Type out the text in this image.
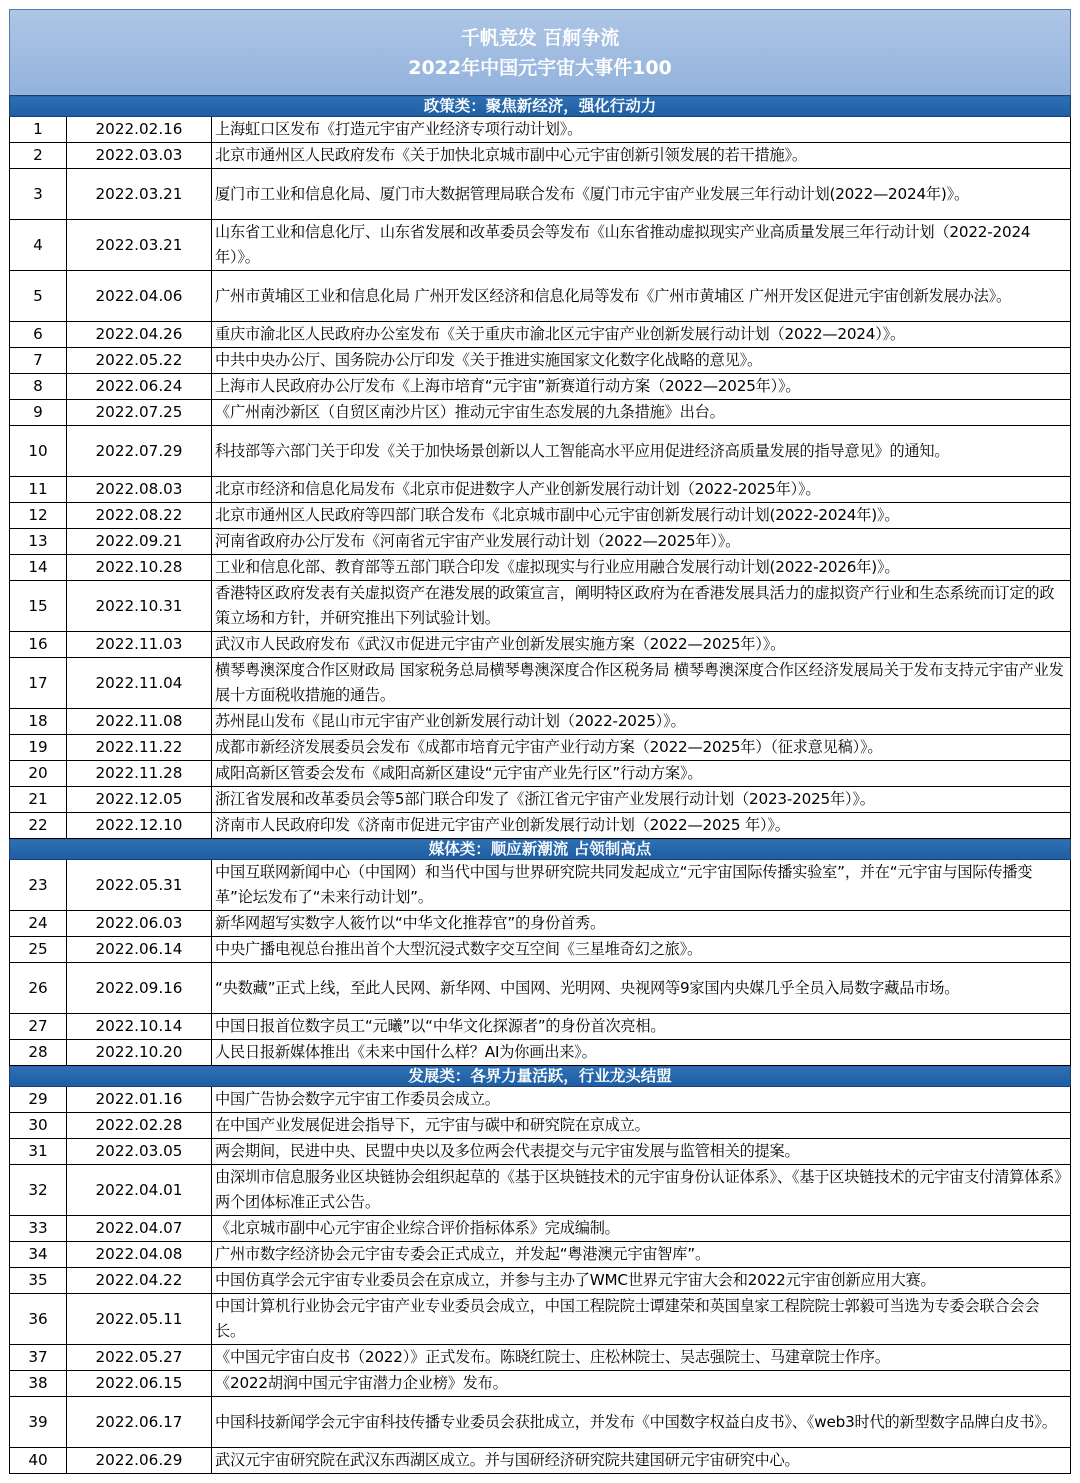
千帆竞发 百舸争流
2022年中国元宇宙大事件100
政策类：聚焦新经济，强化行动力		
1	2022.02.16	上海虹口区发布《打造元宇宙产业经济专项行动计划》。
2	2022.03.03	北京市通州区人民政府发布《关于加快北京城市副中心元宇宙创新引领发展的若干措施》。
3	2022.03.21	厦门市工业和信息化局、厦门市大数据管理局联合发布《厦门市元宇宙产业发展三年行动计划(2022—2024年)》。
4	2022.03.21	山东省工业和信息化厅、山东省发展和改革委员会等发布《山东省推动虚拟现实产业高质量发展三年行动计划（2022-2024年）》。
5	2022.04.06	广州市黄埔区工业和信息化局 广州开发区经济和信息化局等发布《广州市黄埔区 广州开发区促进元宇宙创新发展办法》。
6	2022.04.26	重庆市渝北区人民政府办公室发布《关于重庆市渝北区元宇宙产业创新发展行动计划（2022—2024）》。
7	2022.05.22	中共中央办公厅、国务院办公厅印发《关于推进实施国家文化数字化战略的意见》。
8	2022.06.24	上海市人民政府办公厅发布《上海市培育“元宇宙”新赛道行动方案（2022—2025年）》。
9	2022.07.25	《广州南沙新区（自贸区南沙片区）推动元宇宙生态发展的九条措施》出台。
10	2022.07.29	科技部等六部门关于印发《关于加快场景创新以人工智能高水平应用促进经济高质量发展的指导意见》的通知。
11	2022.08.03	北京市经济和信息化局发布《北京市促进数字人产业创新发展行动计划（2022-2025年）》。
12	2022.08.22	北京市通州区人民政府等四部门联合发布《北京城市副中心元宇宙创新发展行动计划(2022-2024年)》。
13	2022.09.21	河南省政府办公厅发布《河南省元宇宙产业发展行动计划（2022—2025年）》。
14	2022.10.28	工业和信息化部、教育部等五部门联合印发《虚拟现实与行业应用融合发展行动计划(2022-2026年)》。
15	2022.10.31	香港特区政府发表有关虚拟资产在港发展的政策宣言，阐明特区政府为在香港发展具活力的虚拟资产行业和生态系统而订定的政策立场和方针，并研究推出下列试验计划。
16	2022.11.03	武汉市人民政府发布《武汉市促进元宇宙产业创新发展实施方案（2022—2025年）》。
17	2022.11.04	横琴粤澳深度合作区财政局 国家税务总局横琴粤澳深度合作区税务局 横琴粤澳深度合作区经济发展局关于发布支持元宇宙产业发展十方面税收措施的通告。
18	2022.11.08	苏州昆山发布《昆山市元宇宙产业创新发展行动计划（2022-2025）》。
19	2022.11.22	成都市新经济发展委员会发布《成都市培育元宇宙产业行动方案（2022—2025年）（征求意见稿）》。
20	2022.11.28	咸阳高新区管委会发布《咸阳高新区建设“元宇宙产业先行区”行动方案》。
21	2022.12.05	浙江省发展和改革委员会等5部门联合印发了《浙江省元宇宙产业发展行动计划（2023-2025年）》。
22	2022.12.10	济南市人民政府印发《济南市促进元宇宙产业创新发展行动计划（2022—2025 年）》。
媒体类：顺应新潮流 占领制高点		
23	2022.05.31	中国互联网新闻中心（中国网）和当代中国与世界研究院共同发起成立“元宇宙国际传播实验室”，并在“元宇宙与国际传播变革”论坛发布了“未来行动计划”。
24	2022.06.03	新华网超写实数字人筱竹以“中华文化推荐官”的身份首秀。
25	2022.06.14	中央广播电视总台推出首个大型沉浸式数字交互空间《三星堆奇幻之旅》。
26	2022.09.16	“央数藏”正式上线，至此人民网、新华网、中国网、光明网、央视网等9家国内央媒几乎全员入局数字藏品市场。
27	2022.10.14	中国日报首位数字员工“元曦”以“中华文化探源者”的身份首次亮相。
28	2022.10.20	人民日报新媒体推出《未来中国什么样？AI为你画出来》。
发展类：各界力量活跃，行业龙头结盟		
29	2022.01.16	中国广告协会数字元宇宙工作委员会成立。
30	2022.02.28	在中国产业发展促进会指导下，元宇宙与碳中和研究院在京成立。
31	2022.03.05	两会期间，民进中央、民盟中央以及多位两会代表提交与元宇宙发展与监管相关的提案。
32	2022.04.01	由深圳市信息服务业区块链协会组织起草的《基于区块链技术的元宇宙身份认证体系》、《基于区块链技术的元宇宙支付清算体系》两个团体标准正式公告。
33	2022.04.07	《北京城市副中心元宇宙企业综合评价指标体系》完成编制。
34	2022.04.08	广州市数字经济协会元宇宙专委会正式成立，并发起“粤港澳元宇宙智库”。
35	2022.04.22	中国仿真学会元宇宙专业委员会在京成立，并参与主办了WMC世界元宇宙大会和2022元宇宙创新应用大赛。
36	2022.05.11	中国计算机行业协会元宇宙产业专业委员会成立，中国工程院院士谭建荣和英国皇家工程院院士郭毅可当选为专委会联合会会长。
37	2022.05.27	《中国元宇宙白皮书（2022）》正式发布。陈晓红院士、庄松林院士、吴志强院士、马建章院士作序。
38	2022.06.15	《2022胡润中国元宇宙潜力企业榜》发布。
39	2022.06.17	中国科技新闻学会元宇宙科技传播专业委员会获批成立，并发布《中国数字权益白皮书》、《web3时代的新型数字品牌白皮书》。
40	2022.06.29	武汉元宇宙研究院在武汉东西湖区成立。并与国研经济研究院共建国研元宇宙研究中心。
